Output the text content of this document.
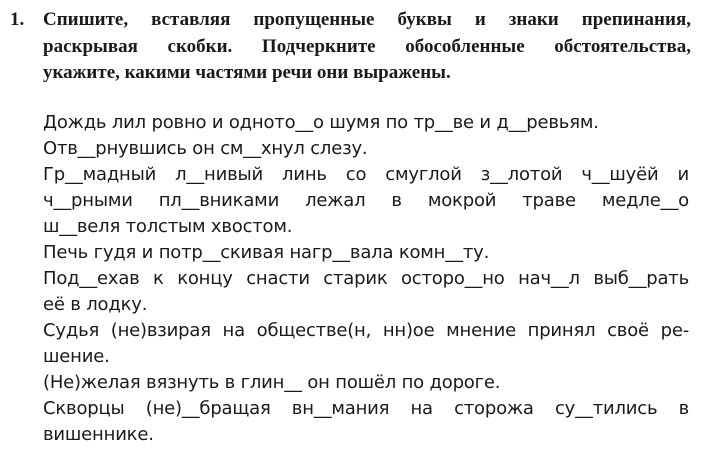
1. Спишите, вставляя пропущенные буквы и знаки препинания,
раскрывая скобки. Подчеркните обособленные обстоятельства,
укажите, какими частями речи они выражены.
Дождь лил ровно и одното__о шумя по тр__ве и д__ревьям.
Отв__рнувшись он см__хнул слезу.
Гр__мадный л__нивый линь со смуглой з__лотой ч__шуёй и
ч__рными пл__вниками лежал в мокрой траве медле__о
ш__веля толстым хвостом.
Печь гудя и потр__скивая нагр__вала комн__ту.
Под__ехав к концу снасти старик осторо__но нач__л выб__рать
её в лодку.
Судья (не)взирая на обществе(н, нн)ое мнение принял своё ре-
шение.
(Не)желая вязнуть в глин__ он пошёл по дороге.
Скворцы (не)__бращая вн__мания на сторожа су__тились в
вишеннике.
